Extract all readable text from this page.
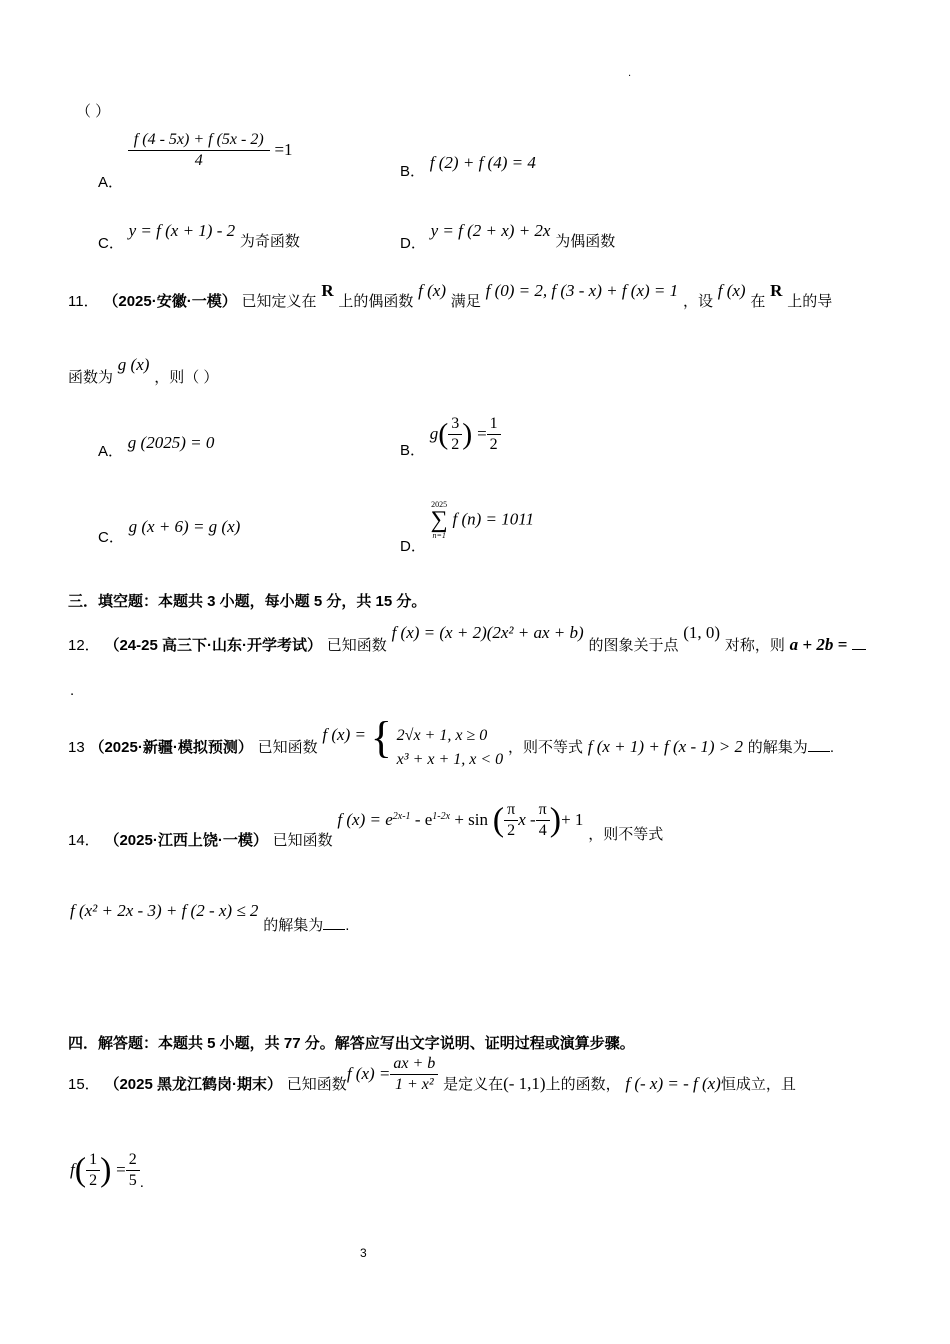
.
（ ）
A．
$\frac{f (4 - 5x) + f (5x - 2)}{4} =1$
B． f (2) + f (4) = 4
C． y = f (x + 1) - 2 为奇函数	D． y = f (2 + x) + 2x 为偶函数
11． （2025·安徽·一模） 已知定义在 R 上的偶函数 f (x) 满足 f (0) = 2, f (3 - x) + f (x) = 1 ，设 f (x) 在 R 上的导
函数为 g (x) ，则（ ）
A． g (2025) = 0	B． $g( \frac{3}{2}$ ) = $\frac{1}{2}$
C． g (x + 6) = g (x)
D．
2025
∑
n=1
f (n) = 1011
三．填空题：本题共 3 小题，每小题 5 分，共 15 分。
12． （24-25 高三下·山东·开学考试） 已知函数 f (x) = (x + 2)(2x² + ax + b) 的图象关于点 (1, 0) 对称，则 a + 2b =
.
13 （2025·新疆·模拟预测） 已知函数 f (x) = { 2√x + 1, x ≥ 0
x³ + x + 1, x < 0
，则不等式 f (x + 1) + f (x - 1) > 2 的解集为 .
14． （2025·江西上饶·一模） 已知函数 f $(x) = e^{2x-1} - e^{1-2x} + \sin$ ( $\frac{\pi}{2}$ x - $\frac{\pi}{4}$ )+ 1 ，则不等式
f (x² + 2x - 3) + f (2 - x) ≤ 2 的解集为 .
四．解答题：本题共 5 小题，共 77 分。解答应写出文字说明、证明过程或演算步骤。
15． （2025 黑龙江鹤岗·期末） 已知函数f $(x) = \frac{ax + b}{\text{1 + x²}}$ 是定义在(- 1,1)上的函数， f (- x) = - f (x)恒成立，且
$f( \frac{1}{2}$ ) = $\frac{2}{5}$ .
3
